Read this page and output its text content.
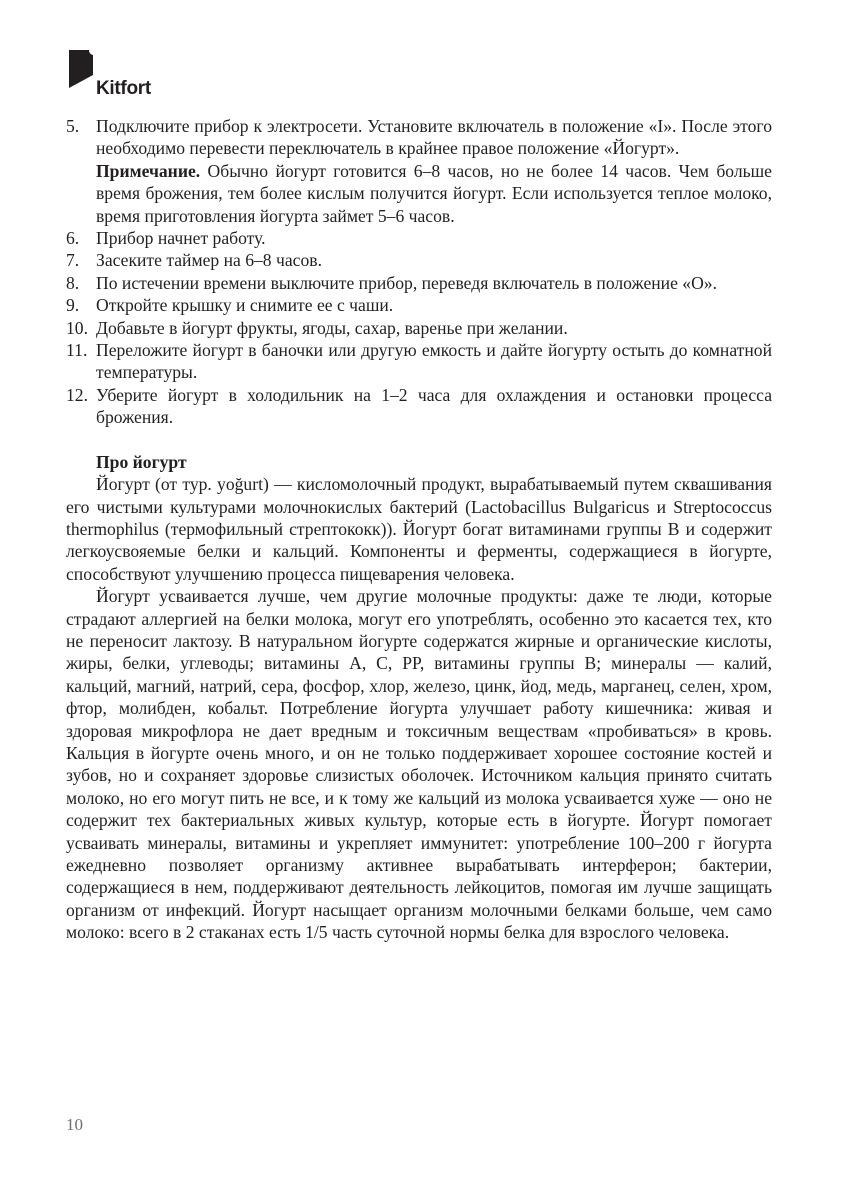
Kitfort
5. Подключите прибор к электросети. Установите включатель в положение «I». После этого необходимо перевести переключатель в крайнее правое положение «Йогурт».
Примечание. Обычно йогурт готовится 6–8 часов, но не более 14 часов. Чем больше время брожения, тем более кислым получится йогурт. Если используется теплое молоко, время приготовления йогурта займет 5–6 часов.
6. Прибор начнет работу.
7. Засеките таймер на 6–8 часов.
8. По истечении времени выключите прибор, переведя включатель в положение «O».
9. Откройте крышку и снимите ее с чаши.
10. Добавьте в йогурт фрукты, ягоды, сахар, варенье при желании.
11. Переложите йогурт в баночки или другую емкость и дайте йогурту остыть до комнатной температуры.
12. Уберите йогурт в холодильник на 1–2 часа для охлаждения и остановки процесса брожения.
Про йогурт

Йогурт (от тур. yoğurt) — кисломолочный продукт, вырабатываемый путем сквашивания его чистыми культурами молочнокислых бактерий (Lactobacillus Bulgaricus и Streptococcus thermophilus (термофильный стрептококк)). Йогурт богат витаминами группы B и содержит легкоусвояемые белки и кальций. Компоненты и ферменты, содержащиеся в йогурте, способствуют улучшению процесса пищеварения человека.

Йогурт усваивается лучше, чем другие молочные продукты: даже те люди, которые страдают аллергией на белки молока, могут его употреблять, особенно это касается тех, кто не переносит лактозу. В натуральном йогурте содержатся жирные и органические кислоты, жиры, белки, углеводы; витамины A, C, PP, витамины группы B; минералы — калий, кальций, магний, натрий, сера, фосфор, хлор, железо, цинк, йод, медь, марганец, селен, хром, фтор, молибден, кобальт. Потребление йогурта улучшает работу кишечника: живая и здоровая микрофлора не дает вредным и токсичным веществам «пробиваться» в кровь. Кальция в йогурте очень много, и он не только поддерживает хорошее состояние костей и зубов, но и сохраняет здоровье слизистых оболочек. Источником кальция принято считать молоко, но его могут пить не все, и к тому же кальций из молока усваивается хуже — оно не содержит тех бактериальных живых культур, которые есть в йогурте. Йогурт помогает усваивать минералы, витамины и укрепляет иммунитет: употребление 100–200 г йогурта ежедневно позволяет организму активнее вырабатывать интерферон; бактерии, содержащиеся в нем, поддерживают деятельность лейкоцитов, помогая им лучше защищать организм от инфекций. Йогурт насыщает организм молочными белками больше, чем само молоко: всего в 2 стаканах есть 1/5 часть суточной нормы белка для взрослого человека.

10
